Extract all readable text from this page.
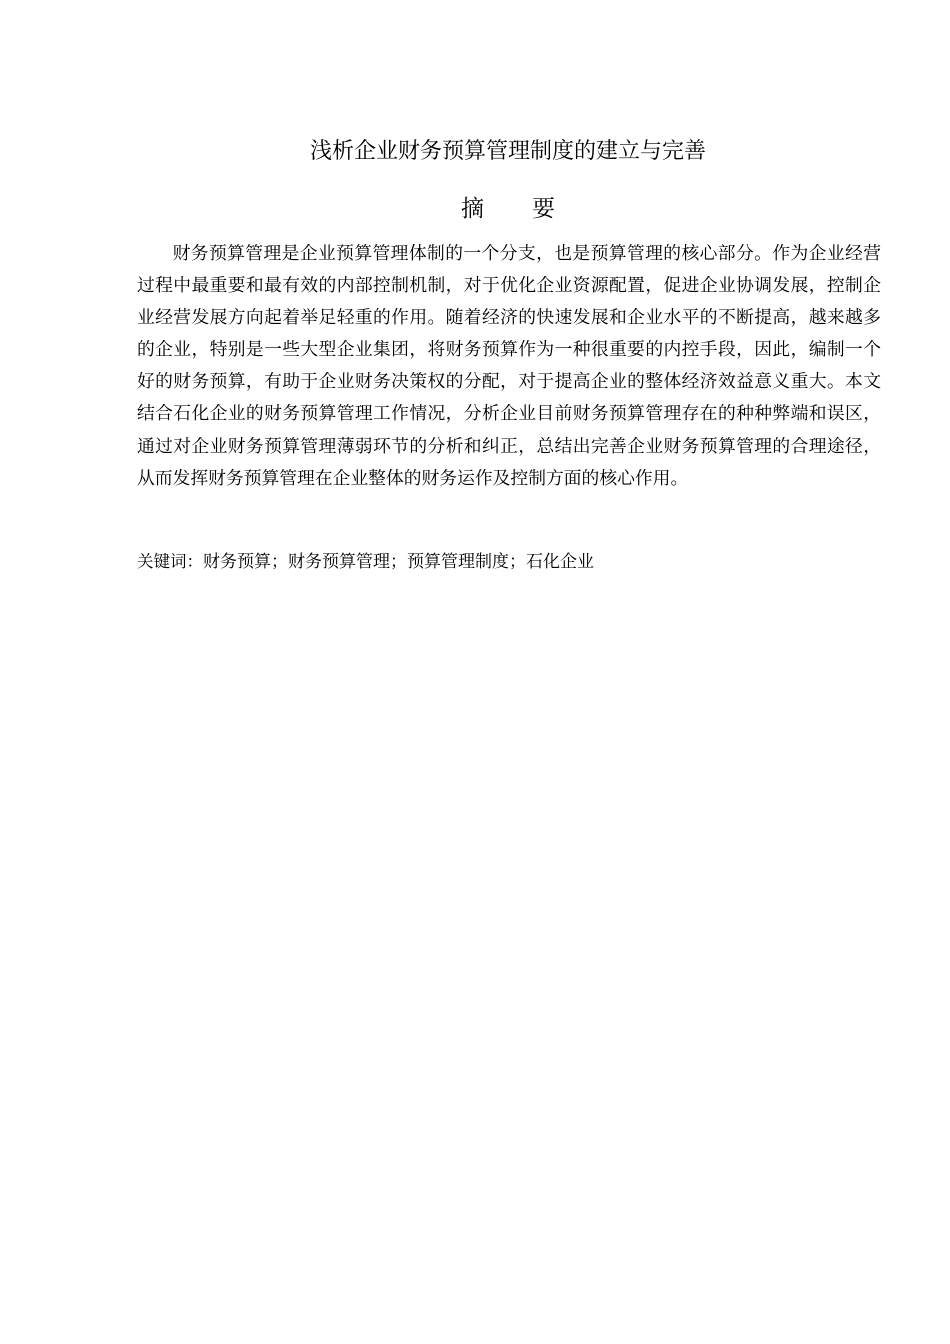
浅析企业财务预算管理制度的建立与完善
摘 要

财务预算管理是企业预算管理体制的一个分支，也是预算管理的核心部分。作为企业经营过程中最重要和最有效的内部控制机制，对于优化企业资源配置，促进企业协调发展，控制企业经营发展方向起着举足轻重的作用。随着经济的快速发展和企业水平的不断提高，越来越多的企业，特别是一些大型企业集团，将财务预算作为一种很重要的内控手段，因此，编制一个好的财务预算，有助于企业财务决策权的分配，对于提高企业的整体经济效益意义重大。本文结合石化企业的财务预算管理工作情况，分析企业目前财务预算管理存在的种种弊端和误区，通过对企业财务预算管理薄弱环节的分析和纠正，总结出完善企业财务预算管理的合理途径，从而发挥财务预算管理在企业整体的财务运作及控制方面的核心作用。

关键词：财务预算；财务预算管理；预算管理制度；石化企业
